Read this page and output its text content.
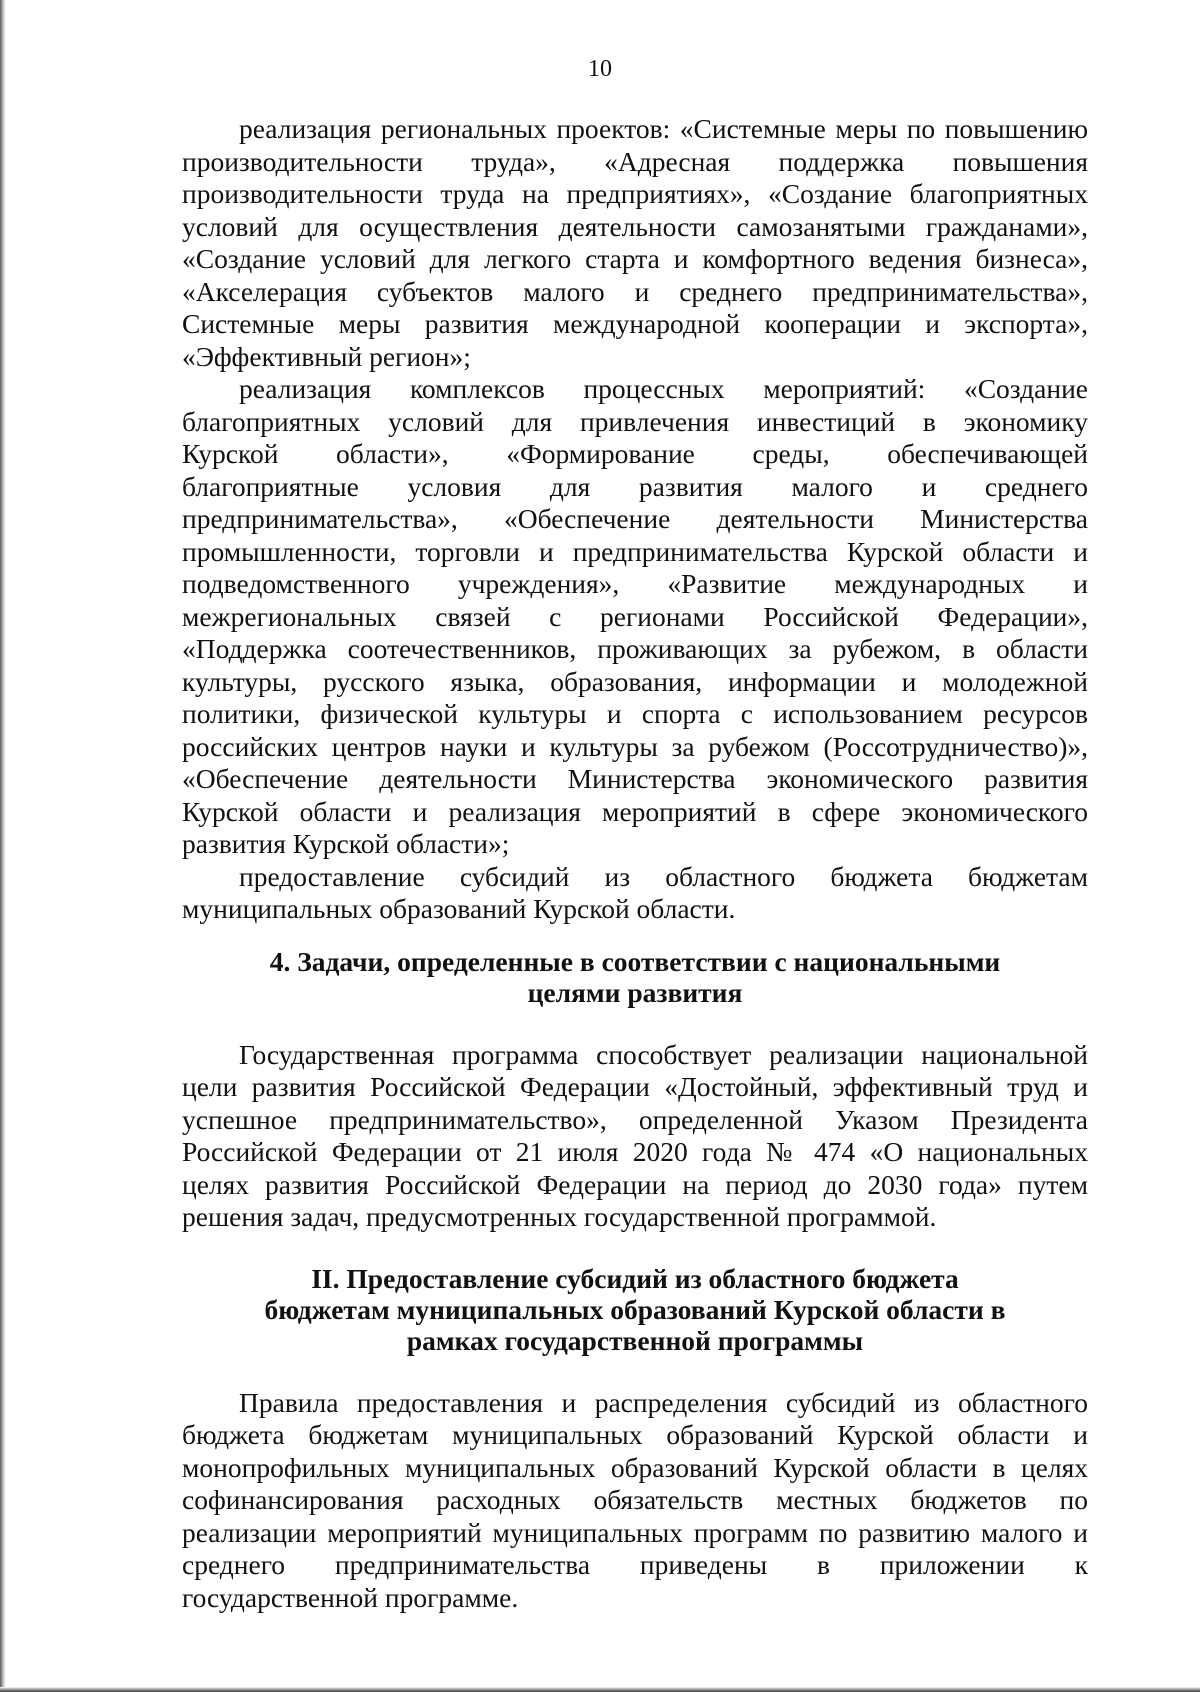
10
реализация региональных проектов: «Системные меры по повышению
производительности труда», «Адресная поддержка повышения
производительности труда на предприятиях», «Создание благоприятных
условий для осуществления деятельности самозанятыми гражданами»,
«Создание условий для легкого старта и комфортного ведения бизнеса»,
«Акселерация субъектов малого и среднего предпринимательства»,
Системные меры развития международной кооперации и экспорта»,
«Эффективный регион»;
реализация комплексов процессных мероприятий: «Создание
благоприятных условий для привлечения инвестиций в экономику
Курской области», «Формирование среды, обеспечивающей
благоприятные условия для развития малого и среднего
предпринимательства», «Обеспечение деятельности Министерства
промышленности, торговли и предпринимательства Курской области и
подведомственного учреждения», «Развитие международных и
межрегиональных связей с регионами Российской Федерации»,
«Поддержка соотечественников, проживающих за рубежом, в области
культуры, русского языка, образования, информации и молодежной
политики, физической культуры и спорта с использованием ресурсов
российских центров науки и культуры за рубежом (Россотрудничество)»,
«Обеспечение деятельности Министерства экономического развития
Курской области и реализация мероприятий в сфере экономического
развития Курской области»;
предоставление субсидий из областного бюджета бюджетам
муниципальных образований Курской области.
4. Задачи, определенные в соответствии с национальными
целями развития
Государственная программа способствует реализации национальной
цели развития Российской Федерации «Достойный, эффективный труд и
успешное предпринимательство», определенной Указом Президента
Российской Федерации от 21 июля 2020 года № 474 «О национальных
целях развития Российской Федерации на период до 2030 года» путем
решения задач, предусмотренных государственной программой.
II. Предоставление субсидий из областного бюджета
бюджетам муниципальных образований Курской области в
рамках государственной программы
Правила предоставления и распределения субсидий из областного
бюджета бюджетам муниципальных образований Курской области и
монопрофильных муниципальных образований Курской области в целях
софинансирования расходных обязательств местных бюджетов по
реализации мероприятий муниципальных программ по развитию малого и
среднего предпринимательства приведены в приложении к
государственной программе.
